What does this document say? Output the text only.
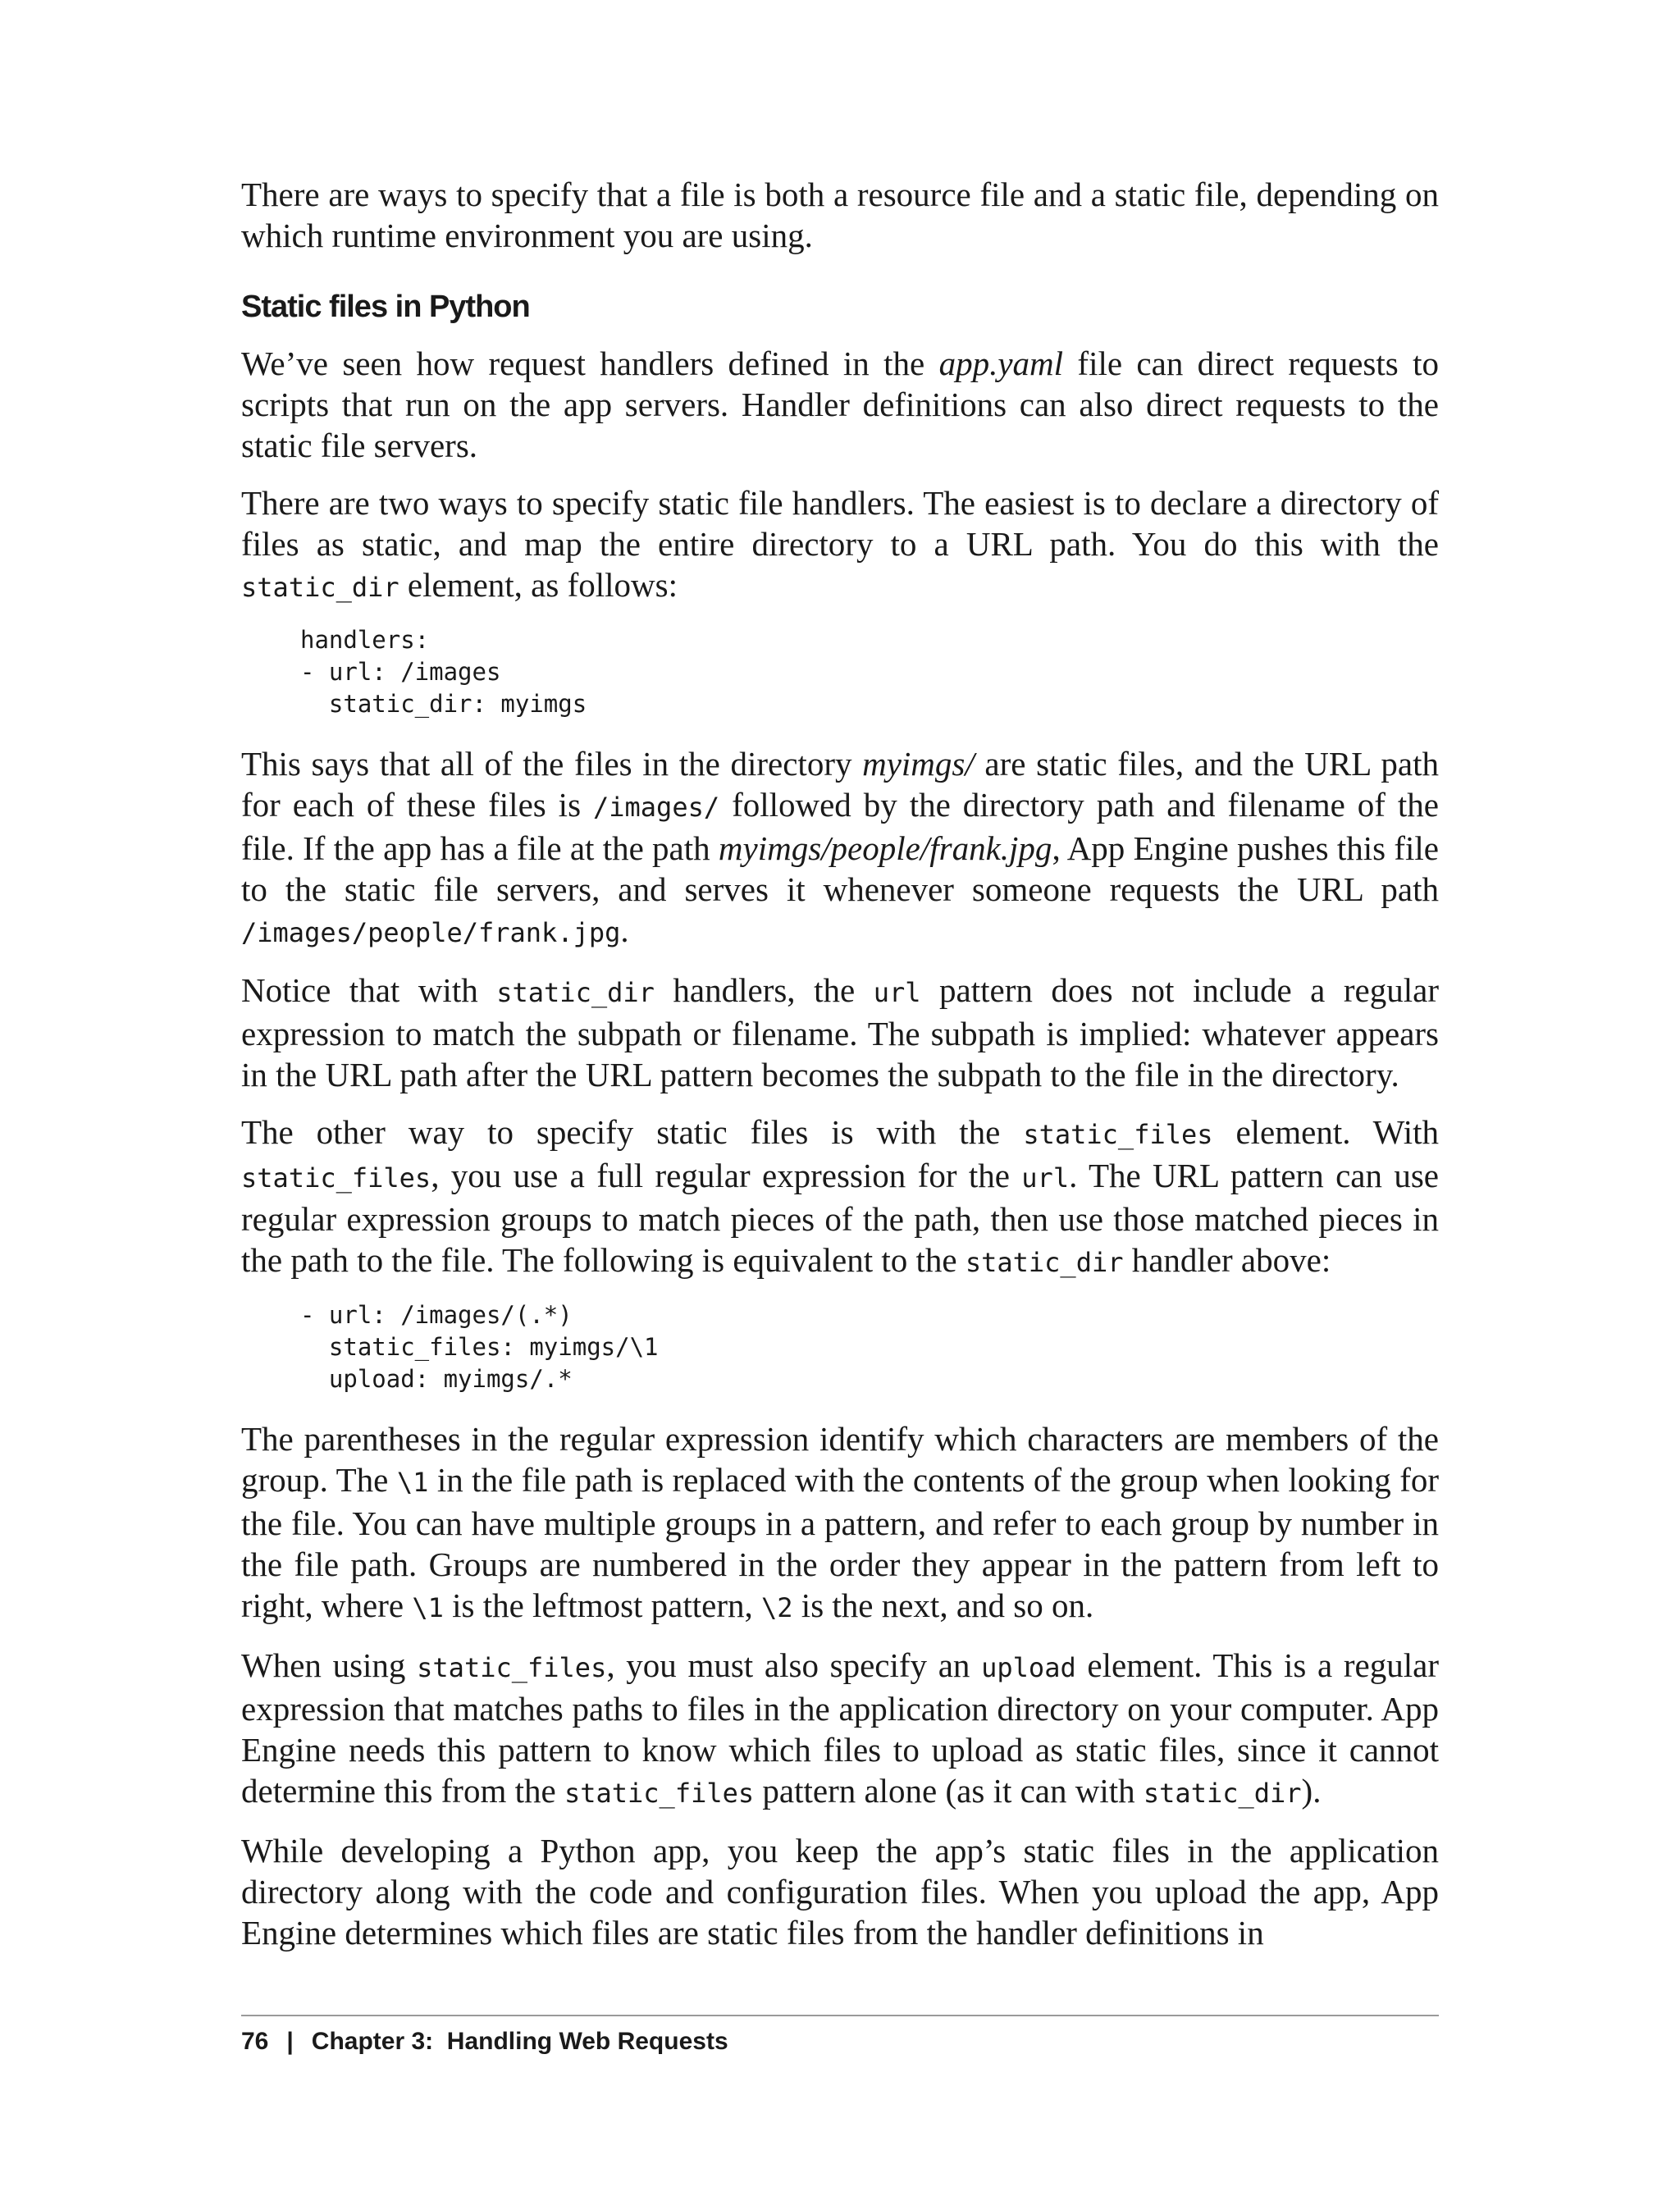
There are ways to specify that a file is both a resource file and a static file, depending on which runtime environment you are using.

Static files in Python

We’ve seen how request handlers defined in the app.yaml file can direct requests to scripts that run on the app servers. Handler definitions can also direct requests to the static file servers.

There are two ways to specify static file handlers. The easiest is to declare a directory of files as static, and map the entire directory to a URL path. You do this with the static_dir element, as follows:

handlers:
- url: /images
static_dir: myimgs

This says that all of the files in the directory myimgs/ are static files, and the URL path for each of these files is /images/ followed by the directory path and filename of the file. If the app has a file at the path myimgs/people/frank.jpg, App Engine pushes this file to the static file servers, and serves it whenever someone requests the URL path /images/people/frank.jpg.

Notice that with static_dir handlers, the url pattern does not include a regular expression to match the subpath or filename. The subpath is implied: whatever appears in the URL path after the URL pattern becomes the subpath to the file in the directory.

The other way to specify static files is with the static_files element. With static_files, you use a full regular expression for the url. The URL pattern can use regular expression groups to match pieces of the path, then use those matched pieces in the path to the file. The following is equivalent to the static_dir handler above:

- url: /images/(.*)
static_files: myimgs/\1
upload: myimgs/.*

The parentheses in the regular expression identify which characters are members of the group. The \1 in the file path is replaced with the contents of the group when looking for the file. You can have multiple groups in a pattern, and refer to each group by number in the file path. Groups are numbered in the order they appear in the pattern from left to right, where \1 is the leftmost pattern, \2 is the next, and so on.

When using static_files, you must also specify an upload element. This is a regular expression that matches paths to files in the application directory on your computer. App Engine needs this pattern to know which files to upload as static files, since it cannot determine this from the static_files pattern alone (as it can with static_dir).

While developing a Python app, you keep the app’s static files in the application directory along with the code and configuration files. When you upload the app, App Engine determines which files are static files from the handler definitions in

76 | Chapter 3:  Handling Web Requests
